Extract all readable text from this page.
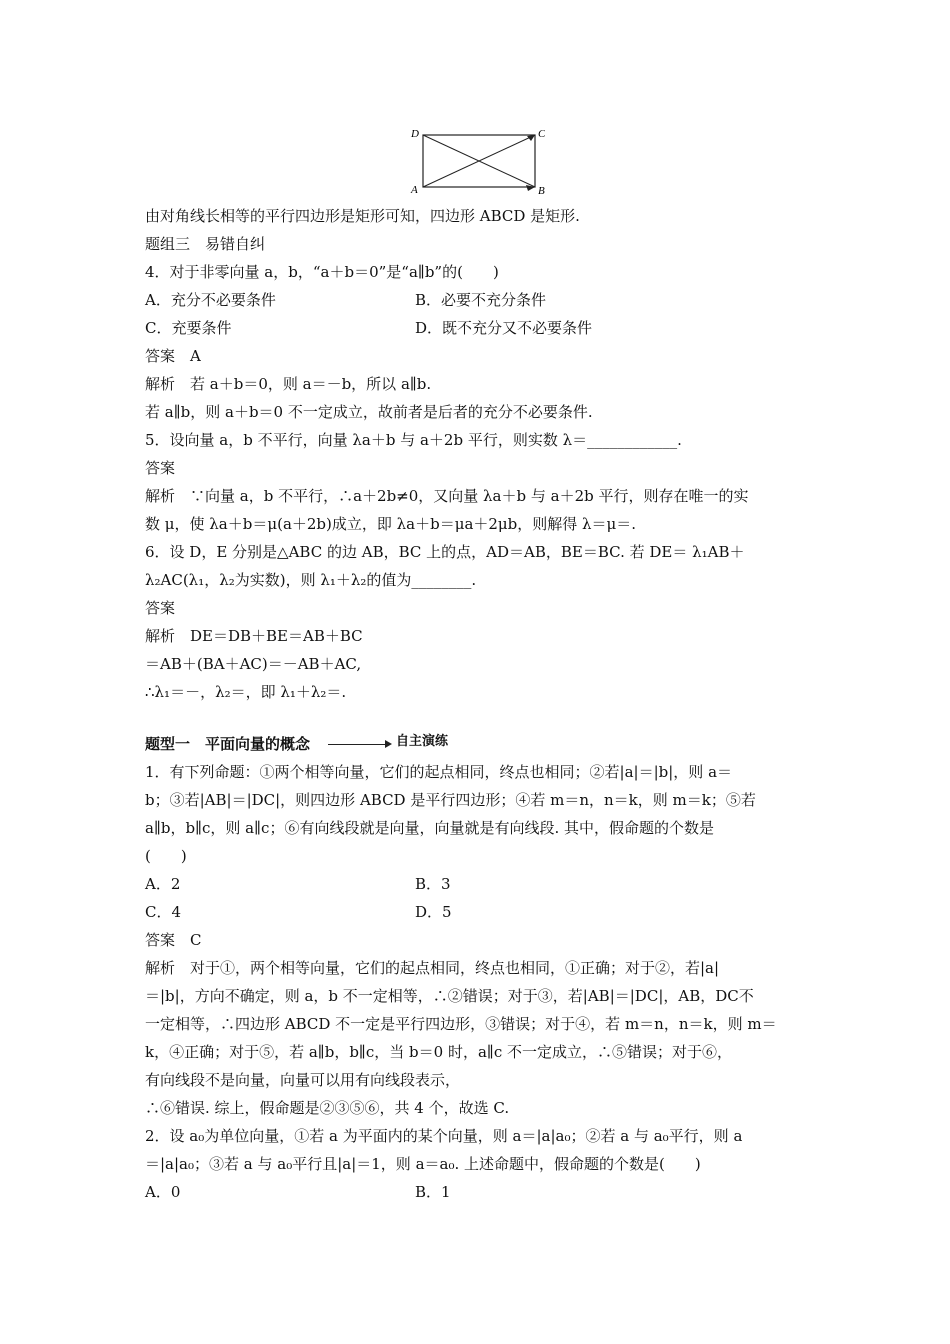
D	C
A	B
由对角线长相等的平行四边形是矩形可知，四边形 ABCD 是矩形.
题组三　易错自纠
4．对于非零向量 a，b，“a＋b＝0”是“a∥b”的(　　)
A．充分不必要条件	B．必要不充分条件
C．充要条件	D．既不充分又不必要条件
答案　A
解析　若 a＋b＝0，则 a＝－b，所以 a∥b.
若 a∥b，则 a＋b＝0 不一定成立，故前者是后者的充分不必要条件.
5．设向量 a，b 不平行，向量 λa＋b 与 a＋2b 平行，则实数 λ＝____________.
答案
解析　∵向量 a，b 不平行，∴a＋2b≠0，又向量 λa＋b 与 a＋2b 平行，则存在唯一的实
数 μ，使 λa＋b＝μ(a＋2b)成立，即 λa＋b＝μa＋2μb，则解得 λ＝μ＝.
6．设 D，E 分别是△ABC 的边 AB，BC 上的点，AD＝AB，BE＝BC. 若 DE＝ λ₁AB＋
λ₂AC(λ₁，λ₂为实数)，则 λ₁＋λ₂的值为________.
答案
解析　DE＝DB＋BE＝AB＋BC
＝AB＋(BA＋AC)＝－AB＋AC,
∴λ₁＝－，λ₂＝，即 λ₁＋λ₂＝.
题型一　平面向量的概念	自主演练
1．有下列命题：①两个相等向量，它们的起点相同，终点也相同；②若|a|＝|b|，则 a＝
b；③若|AB|＝|DC|，则四边形 ABCD 是平行四边形；④若 m＝n，n＝k，则 m＝k；⑤若
a∥b，b∥c，则 a∥c；⑥有向线段就是向量，向量就是有向线段. 其中，假命题的个数是
(　　)
A．2	B．3
C．4	D．5
答案　C
解析　对于①，两个相等向量，它们的起点相同，终点也相同，①正确；对于②，若|a|
＝|b|，方向不确定，则 a，b 不一定相等，∴②错误；对于③，若|AB|＝|DC|，AB，DC不
一定相等，∴四边形 ABCD 不一定是平行四边形，③错误；对于④，若 m＝n，n＝k，则 m＝
k，④正确；对于⑤，若 a∥b，b∥c，当 b＝0 时，a∥c 不一定成立，∴⑤错误；对于⑥，
有向线段不是向量，向量可以用有向线段表示，
∴⑥错误. 综上，假命题是②③⑤⑥，共 4 个，故选 C.
2．设 a₀为单位向量，①若 a 为平面内的某个向量，则 a＝|a|a₀；②若 a 与 a₀平行，则 a
＝|a|a₀；③若 a 与 a₀平行且|a|＝1，则 a＝a₀. 上述命题中，假命题的个数是(　　)
A．0	B．1
